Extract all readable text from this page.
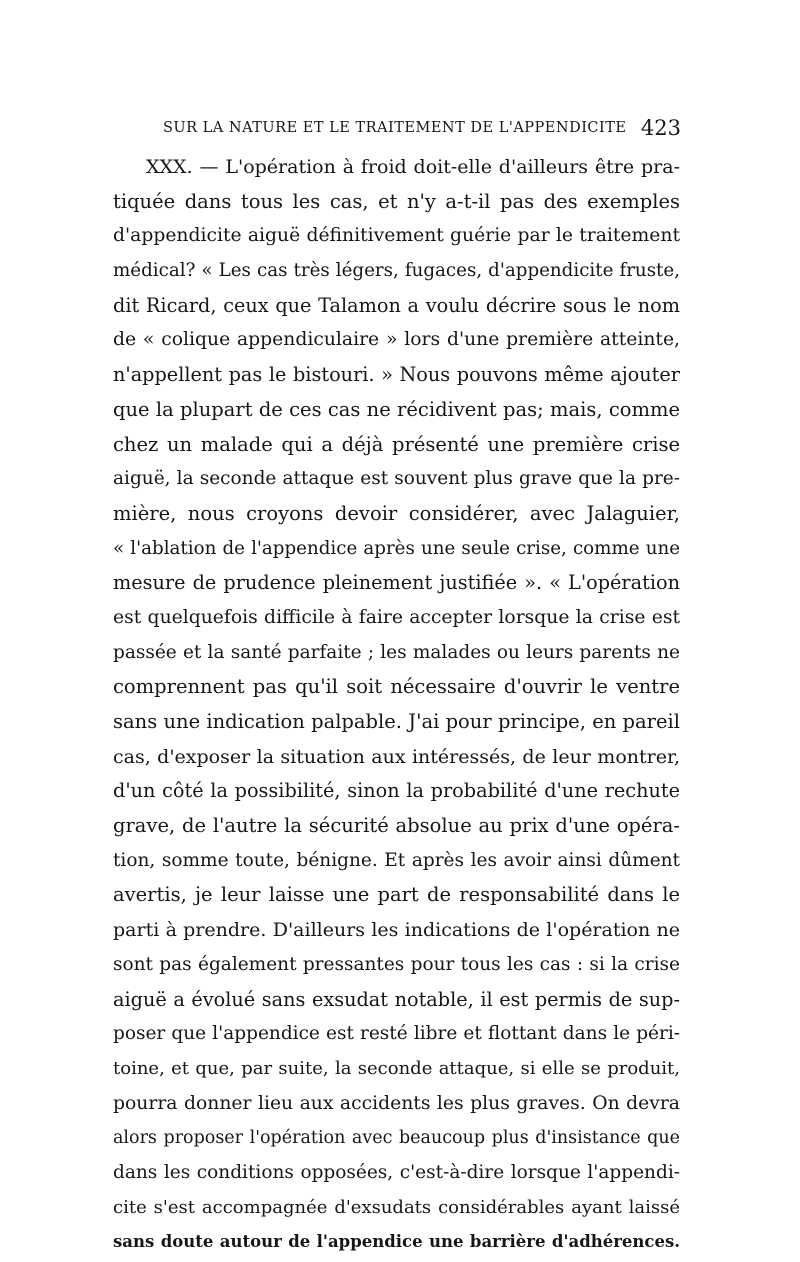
SUR LA NATURE ET LE TRAITEMENT DE L'APPENDICITE 423
XXX. — L'opération à froid doit-elle d'ailleurs être pra-
tiquée dans tous les cas, et n'y a-t-il pas des exemples
d'appendicite aiguë définitivement guérie par le traitement
médical? « Les cas très légers, fugaces, d'appendicite fruste,
dit Ricard, ceux que Talamon a voulu décrire sous le nom
de « colique appendiculaire » lors d'une première atteinte,
n'appellent pas le bistouri. » Nous pouvons même ajouter
que la plupart de ces cas ne récidivent pas; mais, comme
chez un malade qui a déjà présenté une première crise
aiguë, la seconde attaque est souvent plus grave que la pre-
mière, nous croyons devoir considérer, avec Jalaguier,
« l'ablation de l'appendice après une seule crise, comme une
mesure de prudence pleinement justifiée ». « L'opération
est quelquefois difficile à faire accepter lorsque la crise est
passée et la santé parfaite ; les malades ou leurs parents ne
comprennent pas qu'il soit nécessaire d'ouvrir le ventre
sans une indication palpable. J'ai pour principe, en pareil
cas, d'exposer la situation aux intéressés, de leur montrer,
d'un côté la possibilité, sinon la probabilité d'une rechute
grave, de l'autre la sécurité absolue au prix d'une opéra-
tion, somme toute, bénigne. Et après les avoir ainsi dûment
avertis, je leur laisse une part de responsabilité dans le
parti à prendre. D'ailleurs les indications de l'opération ne
sont pas également pressantes pour tous les cas : si la crise
aiguë a évolué sans exsudat notable, il est permis de sup-
poser que l'appendice est resté libre et flottant dans le péri-
toine, et que, par suite, la seconde attaque, si elle se produit,
pourra donner lieu aux accidents les plus graves. On devra
alors proposer l'opération avec beaucoup plus d'insistance que
dans les conditions opposées, c'est-à-dire lorsque l'appendi-
cite s'est accompagnée d'exsudats considérables ayant laissé
sans doute autour de l'appendice une barrière d'adhérences.
